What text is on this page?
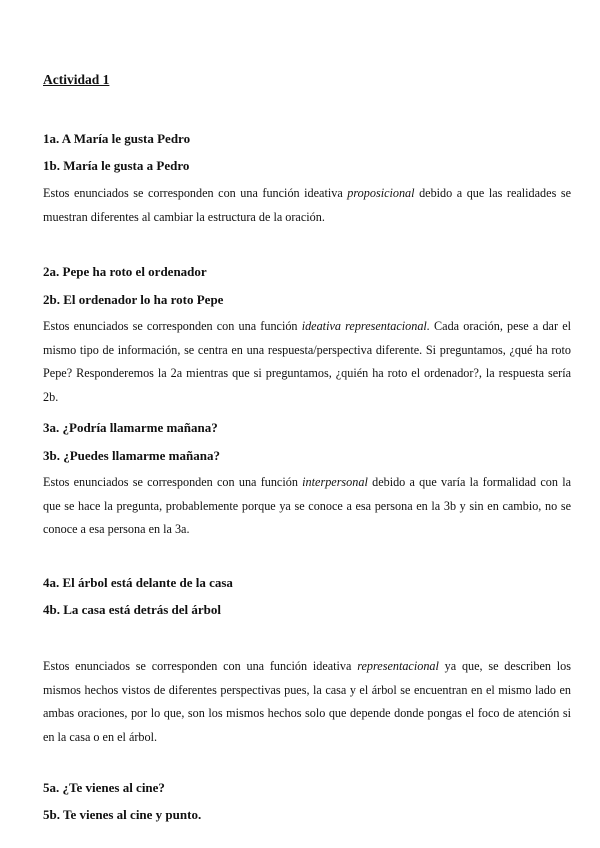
Actividad 1

1a. A María le gusta Pedro

1b. María le gusta a Pedro

Estos enunciados se corresponden con una función ideativa proposicional debido a que las realidades se muestran diferentes al cambiar la estructura de la oración.

2a. Pepe ha roto el ordenador

2b. El ordenador lo ha roto Pepe

Estos enunciados se corresponden con una función ideativa representacional. Cada oración, pese a dar el mismo tipo de información, se centra en una respuesta/perspectiva diferente. Si preguntamos, ¿qué ha roto Pepe? Responderemos la 2a mientras que si preguntamos, ¿quién ha roto el ordenador?, la respuesta sería 2b.

3a. ¿Podría llamarme mañana?

3b. ¿Puedes llamarme mañana?

Estos enunciados se corresponden con una función interpersonal debido a que varía la formalidad con la que se hace la pregunta, probablemente porque ya se conoce a esa persona en la 3b y sin en cambio, no se conoce a esa persona en la 3a.

4a. El árbol está delante de la casa

4b. La casa está detrás del árbol

Estos enunciados se corresponden con una función ideativa representacional ya que, se describen los mismos hechos vistos de diferentes perspectivas pues, la casa y el árbol se encuentran en el mismo lado en ambas oraciones, por lo que, son los mismos hechos solo que depende donde pongas el foco de atención si en la casa o en el árbol.

5a. ¿Te vienes al cine?

5b. Te vienes al cine y punto.
